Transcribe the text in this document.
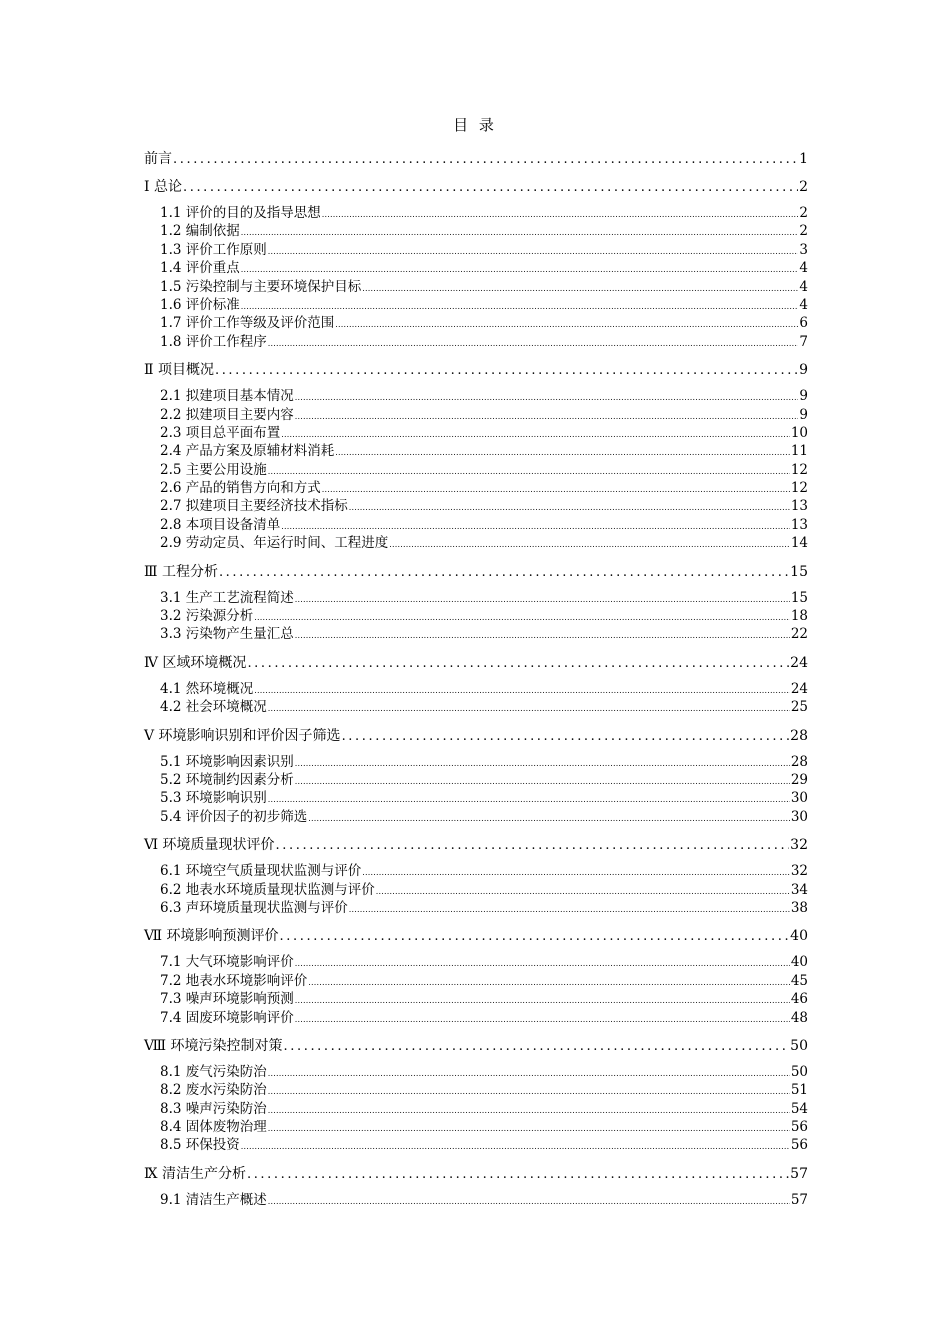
目 录
前言 .....	1
Ⅰ 总论 .....	2
1.1 评价的目的及指导思想 .....	2
1.2 编制依据 .....	2
1.3 评价工作原则 .....	3
1.4 评价重点 .....	4
1.5 污染控制与主要环境保护目标 .....	4
1.6 评价标准 .....	4
1.7 评价工作等级及评价范围 .....	6
1.8 评价工作程序 .....	7
Ⅱ 项目概况 .....	9
2.1 拟建项目基本情况 .....	9
2.2 拟建项目主要内容 .....	9
2.3 项目总平面布置 .....	10
2.4 产品方案及原辅材料消耗 .....	11
2.5 主要公用设施 .....	12
2.6 产品的销售方向和方式 .....	12
2.7 拟建项目主要经济技术指标 .....	13
2.8 本项目设备清单 .....	13
2.9 劳动定员、年运行时间、工程进度 .....	14
Ⅲ 工程分析 .....	15
3.1 生产工艺流程简述 .....	15
3.2 污染源分析 .....	18
3.3 污染物产生量汇总 .....	22
Ⅳ 区域环境概况 .....	24
4.1 然环境概况 .....	24
4.2 社会环境概况 .....	25
Ⅴ 环境影响识别和评价因子筛选 .....	28
5.1 环境影响因素识别 .....	28
5.2 环境制约因素分析 .....	29
5.3 环境影响识别 .....	30
5.4 评价因子的初步筛选 .....	30
Ⅵ 环境质量现状评价 .....	32
6.1 环境空气质量现状监测与评价 .....	32
6.2 地表水环境质量现状监测与评价 .....	34
6.3 声环境质量现状监测与评价 .....	38
Ⅶ 环境影响预测评价 .....	40
7.1 大气环境影响评价 .....	40
7.2 地表水环境影响评价 .....	45
7.3 噪声环境影响预测 .....	46
7.4 固废环境影响评价 .....	48
Ⅷ 环境污染控制对策 .....	50
8.1 废气污染防治 .....	50
8.2 废水污染防治 .....	51
8.3 噪声污染防治 .....	54
8.4 固体废物治理 .....	56
8.5 环保投资 .....	56
Ⅸ 清洁生产分析 .....	57
9.1 清洁生产概述 .....	57
